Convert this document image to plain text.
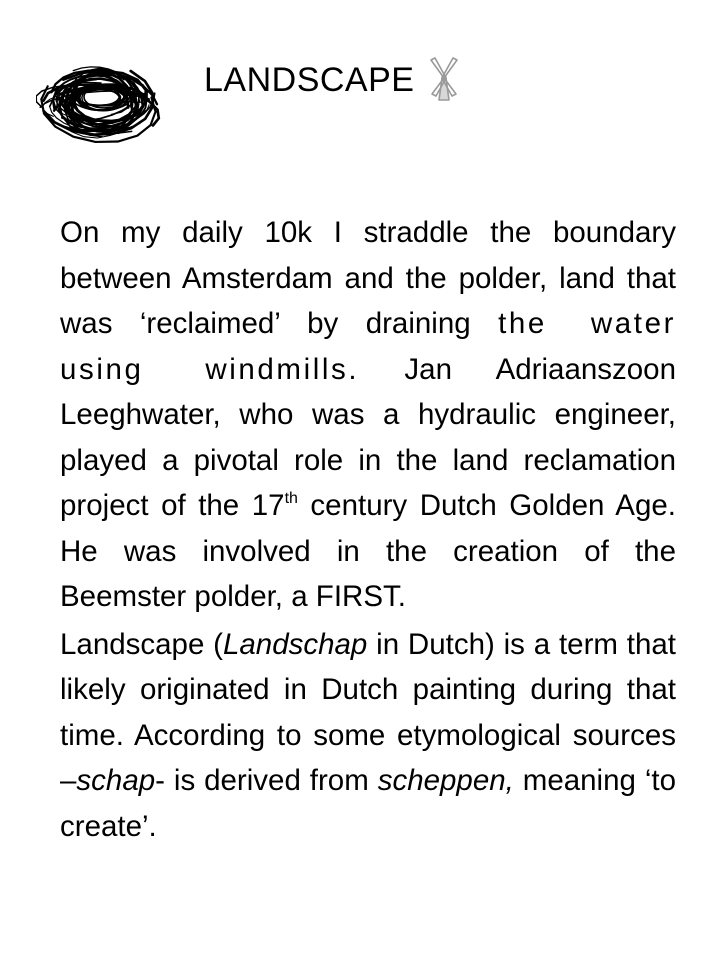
LANDSCAPE

On my daily 10k I straddle the boundary between Amsterdam and the polder, land that was ‘reclaimed’ by draining the water using windmills. Jan Adriaanszoon Leeghwater, who was a hydraulic engineer, played a pivotal role in the land reclamation project of the 17th century Dutch Golden Age. He was involved in the creation of the Beemster polder, a FIRST.

Landscape (Landschap in Dutch) is a term that likely originated in Dutch painting during that time. According to some etymological sources –schap- is derived from scheppen, meaning ‘to create’.
